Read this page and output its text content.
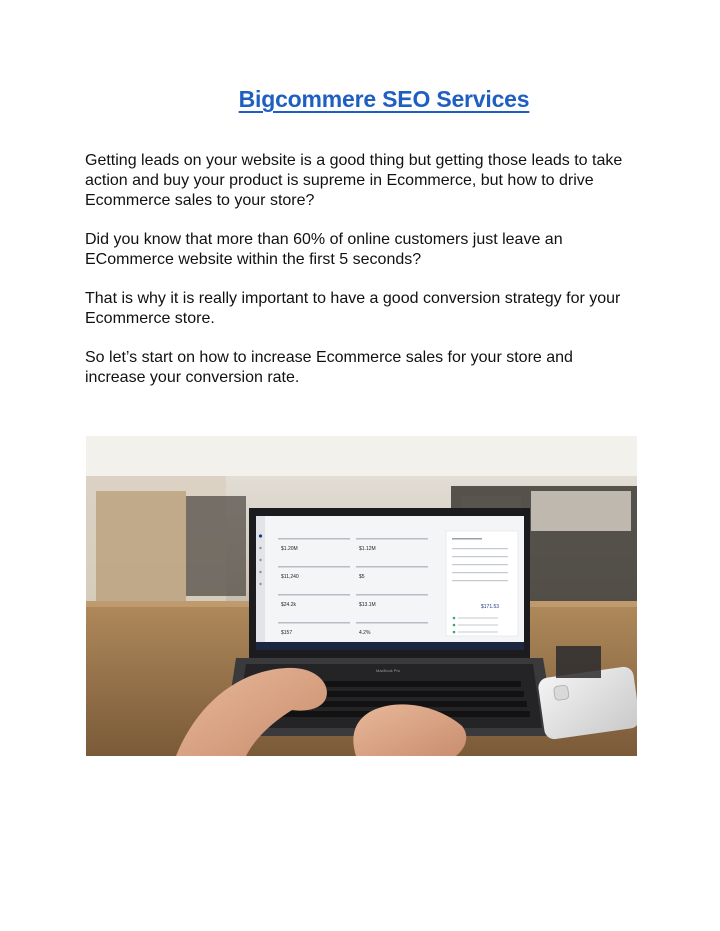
Bigcommere SEO Services

Getting leads on your website is a good thing but getting those leads to take action and buy your product is supreme in Ecommerce, but how to drive Ecommerce sales to your store?

Did you know that more than 60% of online customers just leave an ECommerce website within the first 5 seconds?

That is why it is really important to have a good conversion strategy for your Ecommerce store.

So let’s start on how to increase Ecommerce sales for your store and increase your conversion rate.

$1.20M	$1.12M
$11,240	$5
$24.2k	$13.1M
$157	4.2%
$171.53
MacBook Pro
